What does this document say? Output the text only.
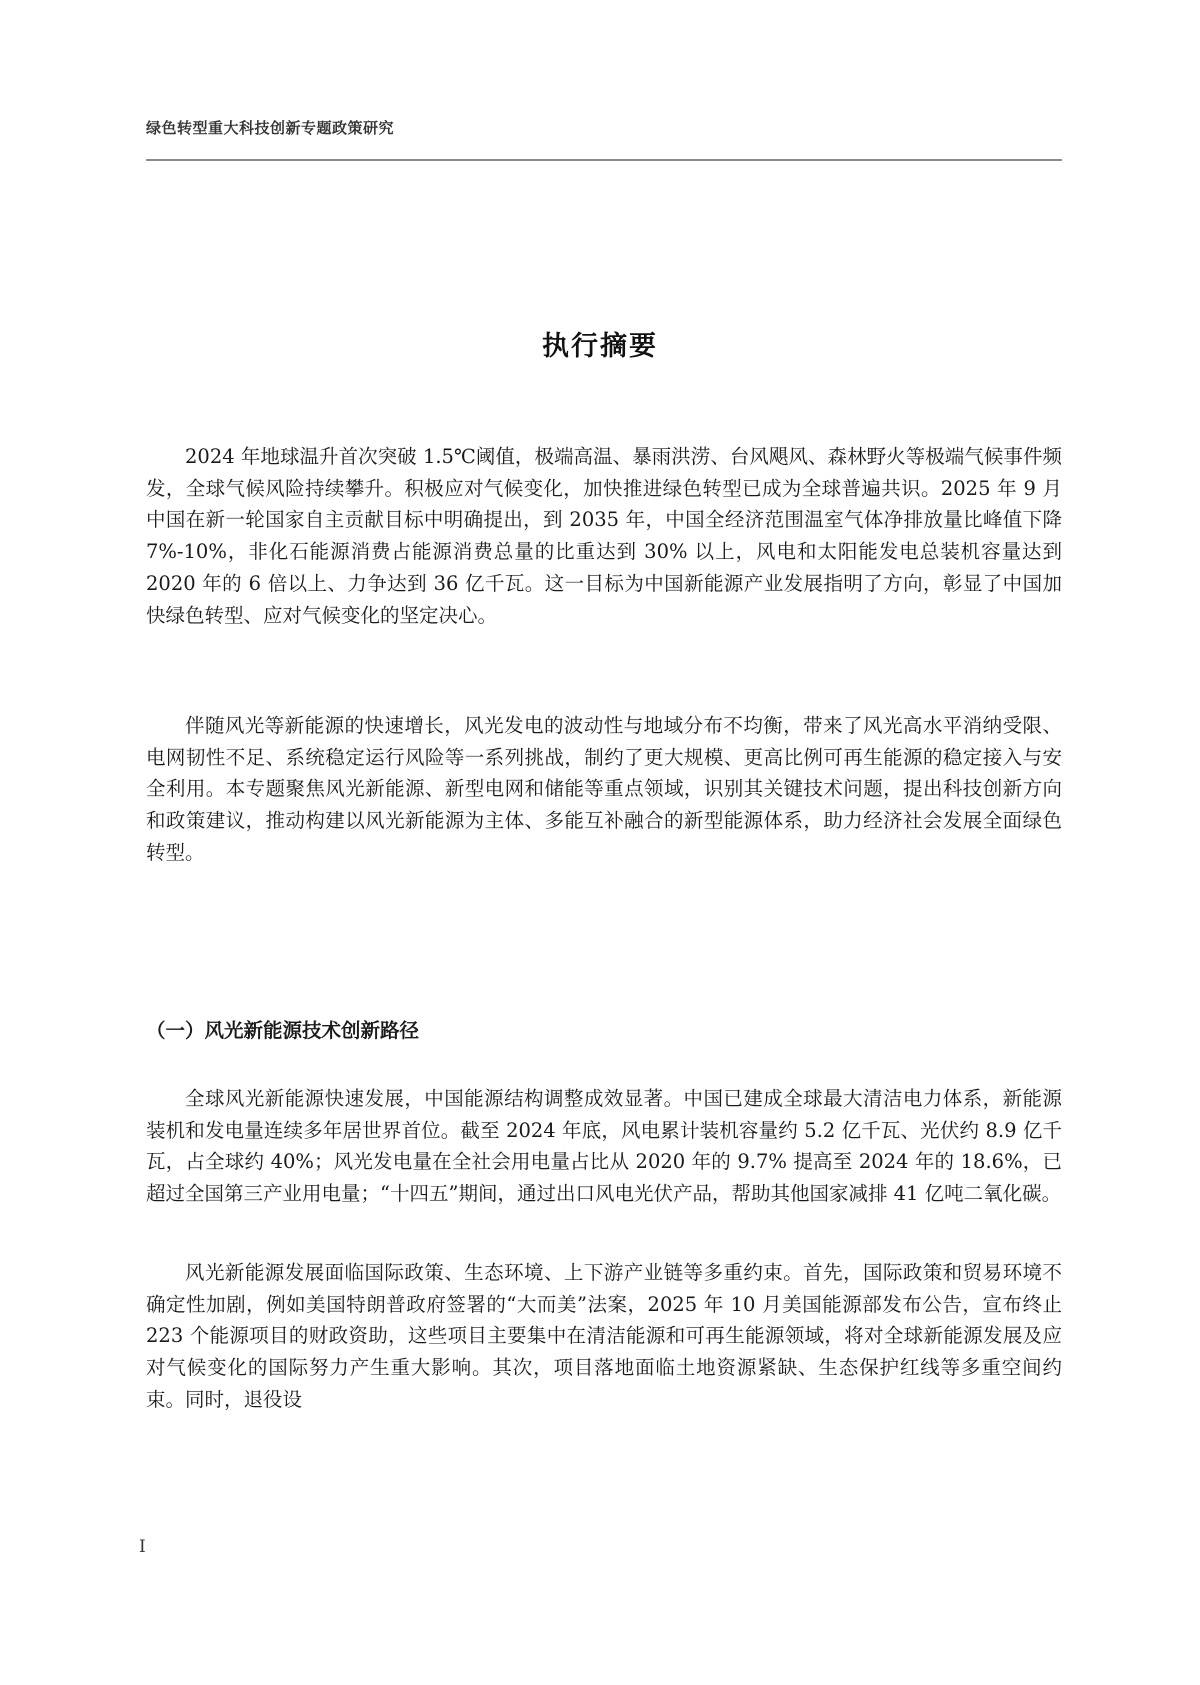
绿色转型重大科技创新专题政策研究
执行摘要

2024 年地球温升首次突破 1.5℃阈值，极端高温、暴雨洪涝、台风飓风、森林野火等极端气候事件频发，全球气候风险持续攀升。积极应对气候变化，加快推进绿色转型已成为全球普遍共识。2025 年 9 月中国在新一轮国家自主贡献目标中明确提出，到 2035 年，中国全经济范围温室气体净排放量比峰值下降 7%-10%，非化石能源消费占能源消费总量的比重达到 30% 以上，风电和太阳能发电总装机容量达到 2020 年的 6 倍以上、力争达到 36 亿千瓦。这一目标为中国新能源产业发展指明了方向，彰显了中国加快绿色转型、应对气候变化的坚定决心。

伴随风光等新能源的快速增长，风光发电的波动性与地域分布不均衡，带来了风光高水平消纳受限、电网韧性不足、系统稳定运行风险等一系列挑战，制约了更大规模、更高比例可再生能源的稳定接入与安全利用。本专题聚焦风光新能源、新型电网和储能等重点领域，识别其关键技术问题，提出科技创新方向和政策建议，推动构建以风光新能源为主体、多能互补融合的新型能源体系，助力经济社会发展全面绿色转型。

（一）风光新能源技术创新路径

全球风光新能源快速发展，中国能源结构调整成效显著。中国已建成全球最大清洁电力体系，新能源装机和发电量连续多年居世界首位。截至 2024 年底，风电累计装机容量约 5.2 亿千瓦、光伏约 8.9 亿千瓦，占全球约 40%；风光发电量在全社会用电量占比从 2020 年的 9.7% 提高至 2024 年的 18.6%，已超过全国第三产业用电量；“十四五”期间，通过出口风电光伏产品，帮助其他国家减排 41 亿吨二氧化碳。

风光新能源发展面临国际政策、生态环境、上下游产业链等多重约束。首先，国际政策和贸易环境不确定性加剧，例如美国特朗普政府签署的“大而美”法案，2025 年 10 月美国能源部发布公告，宣布终止 223 个能源项目的财政资助，这些项目主要集中在清洁能源和可再生能源领域，将对全球新能源发展及应对气候变化的国际努力产生重大影响。其次，项目落地面临土地资源紧缺、生态保护红线等多重空间约束。同时，退役设

I
